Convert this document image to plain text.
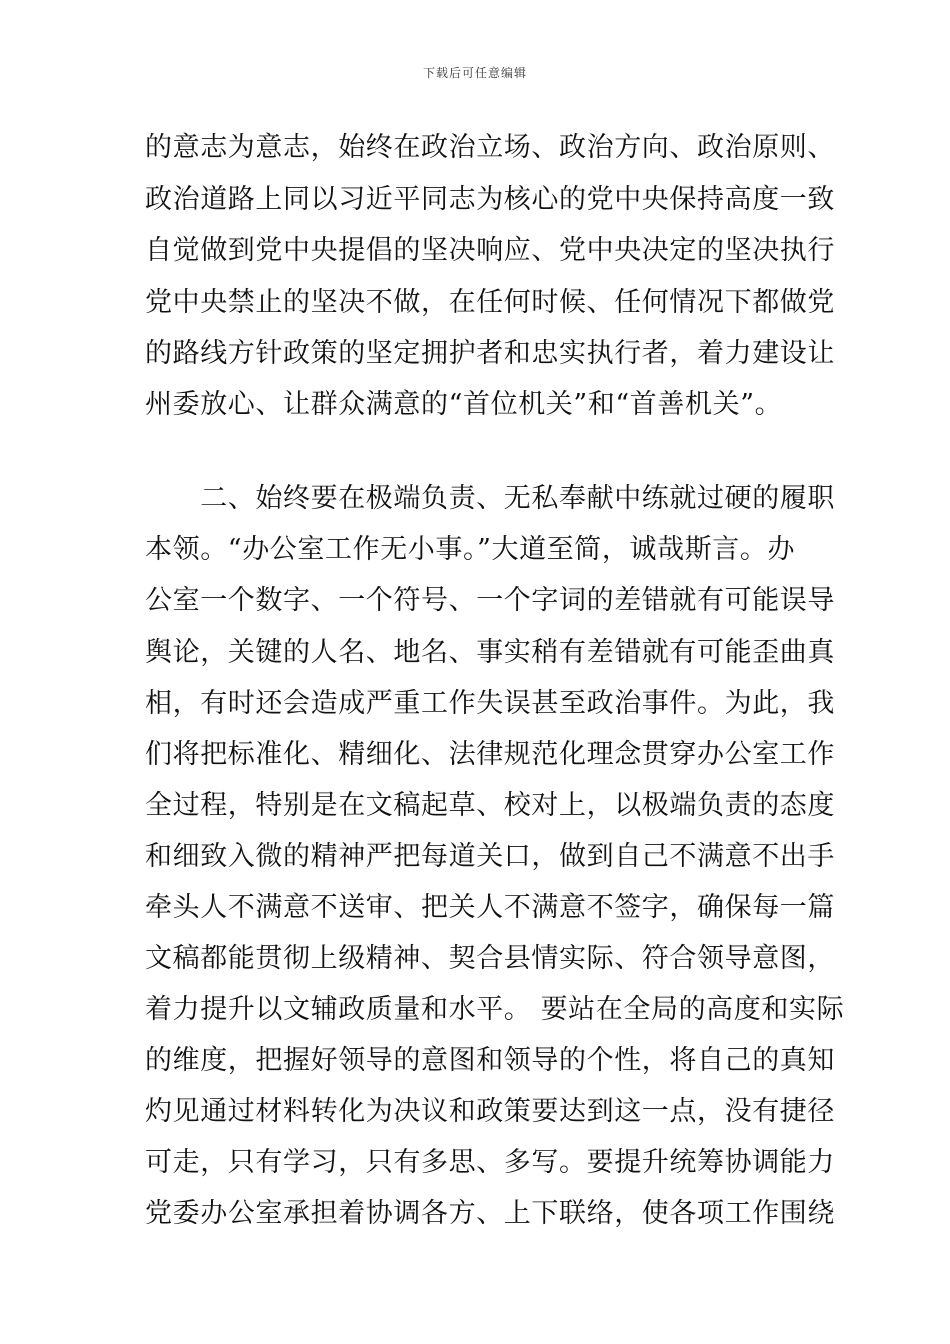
下载后可任意编辑
的意志为意志，始终在政治立场、政治方向、政治原则、
政治道路上同以习近平同志为核心的党中央保持高度一致
自觉做到党中央提倡的坚决响应、党中央决定的坚决执行
党中央禁止的坚决不做，在任何时候、任何情况下都做党
的路线方针政策的坚定拥护者和忠实执行者，着力建设让
州委放心、让群众满意的“首位机关”和“首善机关”。
　　二、始终要在极端负责、无私奉献中练就过硬的履职
本领。“办公室工作无小事。”大道至简，诚哉斯言。办
公室一个数字、一个符号、一个字词的差错就有可能误导
舆论，关键的人名、地名、事实稍有差错就有可能歪曲真
相，有时还会造成严重工作失误甚至政治事件。为此，我
们将把标准化、精细化、法律规范化理念贯穿办公室工作
全过程，特别是在文稿起草、校对上，以极端负责的态度
和细致入微的精神严把每道关口，做到自己不满意不出手
牵头人不满意不送审、把关人不满意不签字，确保每一篇
文稿都能贯彻上级精神、契合县情实际、符合领导意图，
着力提升以文辅政质量和水平。 要站在全局的高度和实际
的维度，把握好领导的意图和领导的个性，将自己的真知
灼见通过材料转化为决议和政策要达到这一点，没有捷径
可走，只有学习，只有多思、多写。要提升统筹协调能力
党委办公室承担着协调各方、上下联络，使各项工作围绕
